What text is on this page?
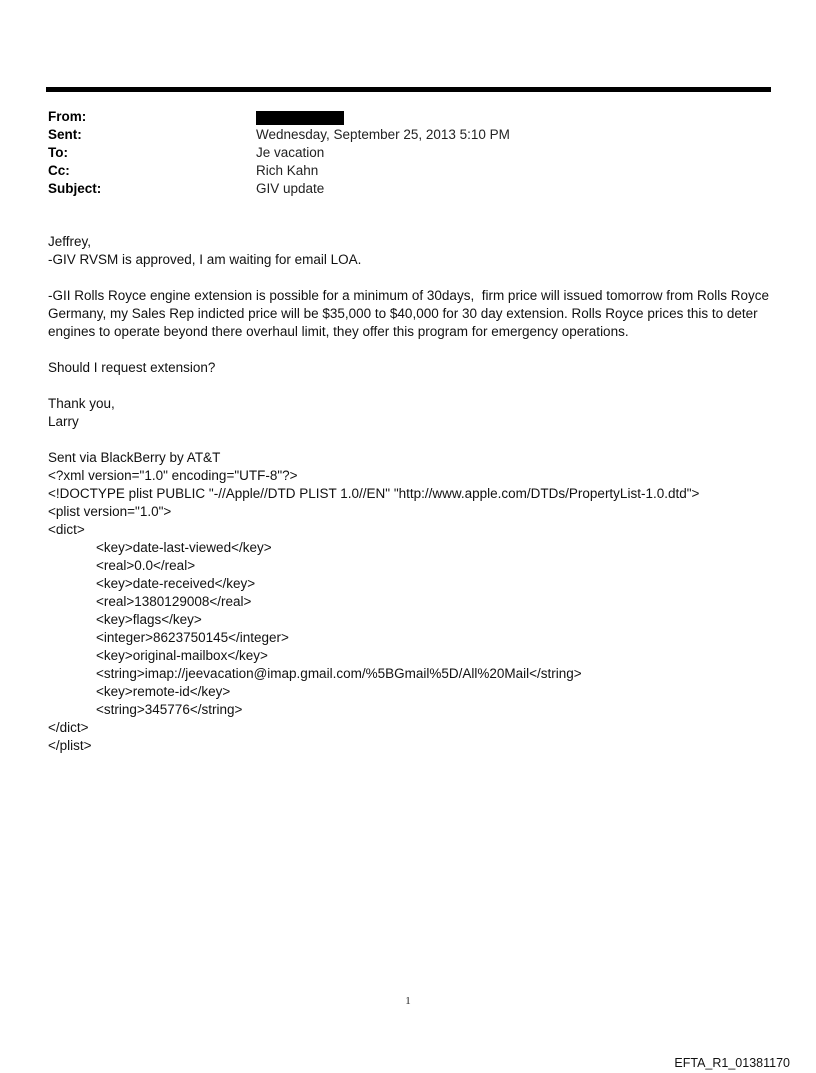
From:
Sent:	Wednesday, September 25, 2013 5:10 PM
To:	Je vacation
Cc:	Rich Kahn
Subject:	GIV update
Jeffrey,
-GIV RVSM is approved, I am waiting for email LOA.
-GII Rolls Royce engine extension is possible for a minimum of 30days,  firm price will issued tomorrow from Rolls Royce
Germany, my Sales Rep indicted price will be $35,000 to $40,000 for 30 day extension. Rolls Royce prices this to deter
engines to operate beyond there overhaul limit, they offer this program for emergency operations.
Should I request extension?
Thank you,
Larry
Sent via BlackBerry by AT&T
<?xml version="1.0" encoding="UTF-8"?>
<!DOCTYPE plist PUBLIC "-//Apple//DTD PLIST 1.0//EN" "http://www.apple.com/DTDs/PropertyList-1.0.dtd">
<plist version="1.0">
<dict>
<key>date-last-viewed</key>
<real>0.0</real>
<key>date-received</key>
<real>1380129008</real>
<key>flags</key>
<integer>8623750145</integer>
<key>original-mailbox</key>
<string>imap://jeevacation@imap.gmail.com/%5BGmail%5D/All%20Mail</string>
<key>remote-id</key>
<string>345776</string>
</dict>
</plist>
1
EFTA_R1_01381170
